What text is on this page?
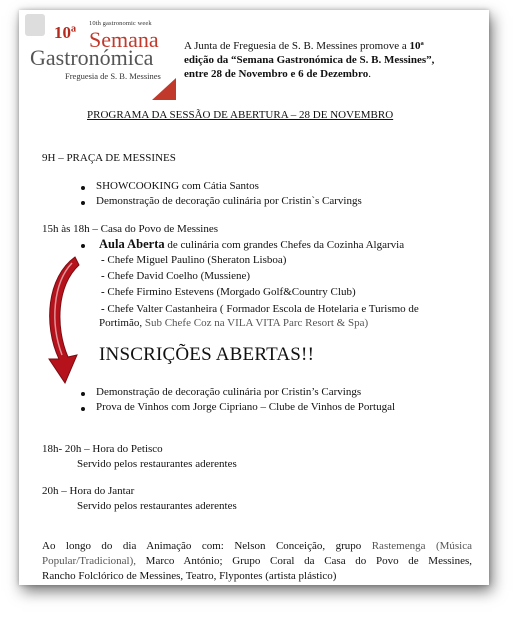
10th gastronomic week
10ª Semana
Gastronómica
Freguesia de S. B. Messines
A Junta de Freguesia de S. B. Messines promove a 10ª
edição da “Semana Gastronómica de S. B. Messines”,
entre 28 de Novembro e 6 de Dezembro.
PROGRAMA DA SESSÃO DE ABERTURA – 28 DE NOVEMBRO
9H – PRAÇA DE MESSINES
SHOWCOOKING com Cátia Santos
Demonstração de decoração culinária por Cristin`s Carvings
15h às 18h – Casa do Povo de Messines
Aula Aberta de culinária com grandes Chefes da Cozinha Algarvia
- Chefe Miguel Paulino (Sheraton Lisboa)
- Chefe David Coelho (Mussiene)
- Chefe Firmino Estevens (Morgado Golf&Country Club)
- Chefe Valter Castanheira ( Formador Escola de Hotelaria e Turismo de
Portimão, Sub Chefe Coz na VILA VITA Parc Resort & Spa)
INSCRIÇÕES ABERTAS!!
Demonstração de decoração culinária por Cristin’s Carvings
Prova de Vinhos com Jorge Cipriano – Clube de Vinhos de Portugal
18h- 20h – Hora do Petisco
Servido pelos restaurantes aderentes
20h – Hora do Jantar
Servido pelos restaurantes aderentes
Ao longo do dia Animação com: Nelson Conceição, grupo Rastemenga (Música
Popular/Tradicional), Marco António; Grupo Coral da Casa do Povo de Messines,
Rancho Folclórico de Messines, Teatro, Flypontes (artista plástico)
